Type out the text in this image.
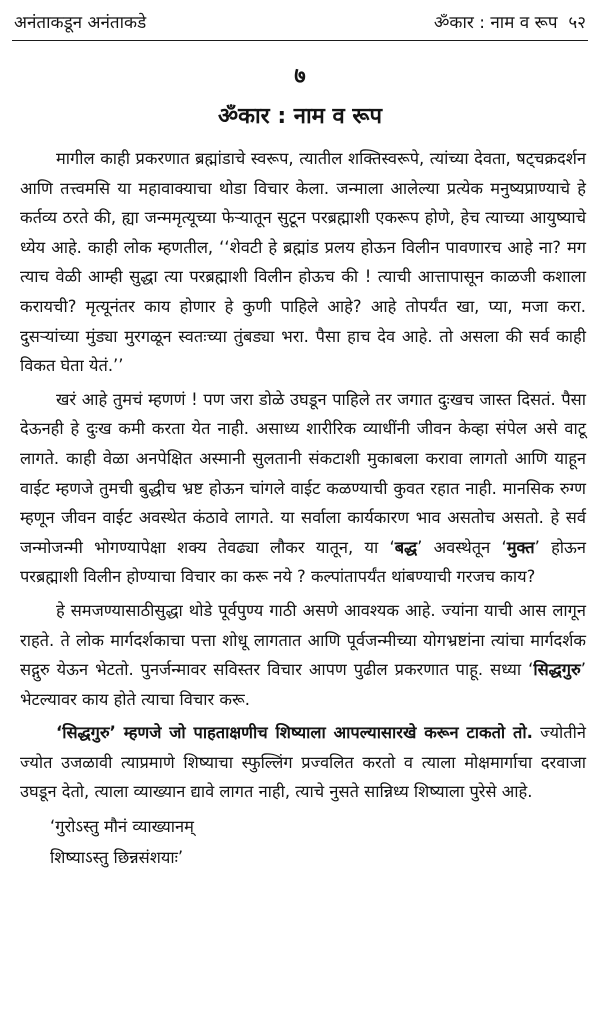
अनंताकडून अनंताकडे	ॐकार : नाम व रूप ५२
७
ॐकार : नाम व रूप

मागील काही प्रकरणात ब्रह्मांडाचे स्वरूप, त्यातील शक्तिस्वरूपे, त्यांच्या देवता, षट्चक्रदर्शन आणि तत्त्वमसि या महावाक्याचा थोडा विचार केला. जन्माला आलेल्या प्रत्येक मनुष्यप्राण्याचे हे कर्तव्य ठरते की, ह्या जन्ममृत्यूच्या फेऱ्यातून सुटून परब्रह्माशी एकरूप होणे, हेच त्याच्या आयुष्याचे ध्येय आहे. काही लोक म्हणतील, ‘‘शेवटी हे ब्रह्मांड प्रलय होऊन विलीन पावणारच आहे ना? मग त्याच वेळी आम्ही सुद्धा त्या परब्रह्माशी विलीन होऊच की ! त्याची आत्तापासून काळजी कशाला करायची? मृत्यूनंतर काय होणार हे कुणी पाहिले आहे? आहे तोपर्यंत खा, प्या, मजा करा. दुसऱ्यांच्या मुंड्या मुरगळून स्वतःच्या तुंबड्या भरा. पैसा हाच देव आहे. तो असला की सर्व काही विकत घेता येतं.’’

खरं आहे तुमचं म्हणणं ! पण जरा डोळे उघडून पाहिले तर जगात दुःखच जास्त दिसतं. पैसा देऊनही हे दुःख कमी करता येत नाही. असाध्य शारीरिक व्याधींनी जीवन केव्हा संपेल असे वाटू लागते. काही वेळा अनपेक्षित अस्मानी सुलतानी संकटाशी मुकाबला करावा लागतो आणि याहून वाईट म्हणजे तुमची बुद्धीच भ्रष्ट होऊन चांगले वाईट कळण्याची कुवत रहात नाही. मानसिक रुग्ण म्हणून जीवन वाईट अवस्थेत कंठावे लागते. या सर्वाला कार्यकारण भाव असतोच असतो. हे सर्व जन्मोजन्मी भोगण्यापेक्षा शक्य तेवढ्या लौकर यातून, या ‘बद्ध’ अवस्थेतून ‘मुक्त’ होऊन परब्रह्माशी विलीन होण्याचा विचार का करू नये ? कल्पांतापर्यंत थांबण्याची गरजच काय?

हे समजण्यासाठीसुद्धा थोडे पूर्वपुण्य गाठी असणे आवश्यक आहे. ज्यांना याची आस लागून राहते. ते लोक मार्गदर्शकाचा पत्ता शोधू लागतात आणि पूर्वजन्मीच्या योगभ्रष्टांना त्यांचा मार्गदर्शक सद्गुरु येऊन भेटतो. पुनर्जन्मावर सविस्तर विचार आपण पुढील प्रकरणात पाहू. सध्या ‘सिद्धगुरु’ भेटल्यावर काय होते त्याचा विचार करू.

‘सिद्धगुरु’ म्हणजे जो पाहताक्षणीच शिष्याला आपल्यासारखे करून टाकतो तो. ज्योतीने ज्योत उजळावी त्याप्रमाणे शिष्याचा स्फुल्लिंग प्रज्वलित करतो व त्याला मोक्षमार्गाचा दरवाजा उघडून देतो, त्याला व्याख्यान द्यावे लागत नाही, त्याचे नुसते सान्निध्य शिष्याला पुरेसे आहे.

‘गुरोऽस्तु मौनं व्याख्यानम्
शिष्याऽस्तु छिन्नसंशयाः’
